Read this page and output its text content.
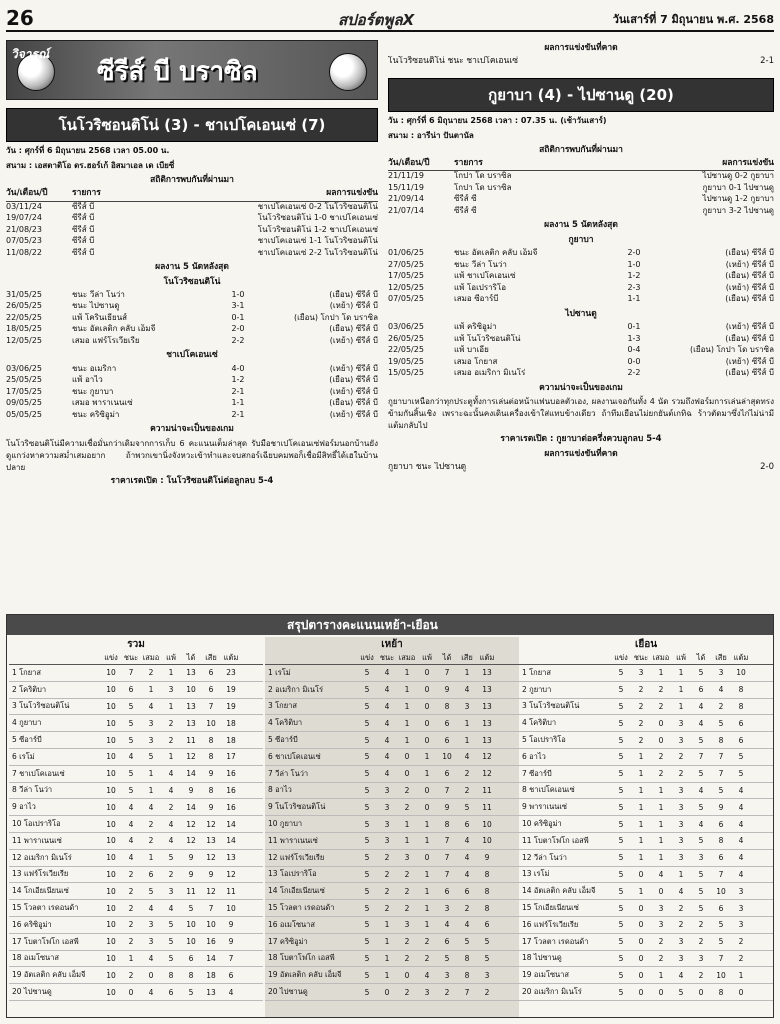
26	สปอร์ตพูลX	วันเสาร์ที่ 7 มิถุนายน พ.ศ. 2568
วิจารณ์
ซีรีส์ บี บราซิล
โนโวริซอนติโน่ (3) - ชาเปโคเอนเซ่ (7)
วัน : ศุกร์ที่ 6 มิถุนายน 2568 เวลา 05.00 น.
สนาม : เอสตาดิโอ ดร.ฮอร์เก้ อิสมาเอล เด เบียซี่
สถิติการพบกันที่ผ่านมา
วัน/เดือน/ปี	รายการ	ผลการแข่งขัน
03/11/24	ซีรีส์ บี	ชาเปโคเอนเซ่ 0-2 โนโวริซอนติโน่
19/07/24	ซีรีส์ บี	โนโวริซอนติโน่ 1-0 ชาเปโคเอนเซ่
21/08/23	ซีรีส์ บี	โนโวริซอนติโน่ 1-2 ชาเปโคเอนเซ่
07/05/23	ซีรีส์ บี	ชาเปโคเอนเซ่ 1-1 โนโวริซอนติโน่
11/08/22	ซีรีส์ บี	ชาเปโคเอนเซ่ 2-2 โนโวริซอนติโน่
ผลงาน 5 นัดหลังสุด
โนโวริซอนติโน่
31/05/25	ชนะ วีล่า โนว่า	1-0	(เยือน) ซีรีส์ บี
26/05/25	ชนะ ไปซานดู	3-1	(เหย้า) ซีรีส์ บี
22/05/25	แพ้ โครินเธียนส์	0-1	(เยือน) โกปา โด บราซิล
18/05/25	ชนะ อัตเลติก คลับ เอ็มจี	2-0	(เยือน) ซีรีส์ บี
12/05/25	เสมอ แฟร์โรเวียเรีย	2-2	(เหย้า) ซีรีส์ บี
ชาเปโคเอนเซ่
03/06/25	ชนะ อเมริกา	4-0	(เหย้า) ซีรีส์ บี
25/05/25	แพ้ อาไว	1-2	(เยือน) ซีรีส์ บี
17/05/25	ชนะ กูยาบา	2-1	(เหย้า) ซีรีส์ บี
09/05/25	เสมอ พาราเนนเซ่	1-1	(เยือน) ซีรีส์ บี
05/05/25	ชนะ คริซิอูม่า	2-1	(เหย้า) ซีรีส์ บี
ความน่าจะเป็นของเกม
โนโวริซอนติโน่มีความเชื่อมั่นกว่าเดิมจากการเก็บ 6 คะแนนเต็มล่าสุด รับมือชาเปโคเอนเซ่ฟอร์มนอกบ้านยังดูแกว่งหาความสม่ำเสมอยาก ถ้าพวกเขานิ่งจังหวะเข้าทำและจบสกอร์เฉียบคมพอก็เชื่อมีสิทธิ์ได้เฮในบ้านปลาย
ราคาเรตเปิด : โนโวริซอนติโน่ต่อลูกลบ 5-4
ผลการแข่งขันที่คาด
โนโวริซอนติโน่ ชนะ ชาเปโคเอนเซ่	2-1
กูยาบา (4) - ไปซานดู (20)
วัน : ศุกร์ที่ 6 มิถุนายน 2568 เวลา : 07.35 น. (เช้าวันเสาร์)
สนาม : อารีน่า ปันตานัล
สถิติการพบกันที่ผ่านมา
วัน/เดือน/ปี	รายการ	ผลการแข่งขัน
21/11/19	โกปา โด บราซิล	ไปซานดู 0-2 กูยาบา
15/11/19	โกปา โด บราซิล	กูยาบา 0-1 ไปซานดู
21/09/14	ซีรีส์ ซี	ไปซานดู 1-2 กูยาบา
21/07/14	ซีรีส์ ซี	กูยาบา 3-2 ไปซานดู
ผลงาน 5 นัดหลังสุด
กูยาบา
01/06/25	ชนะ อัตเลติก คลับ เอ็มจี	2-0	(เยือน) ซีรีส์ บี
27/05/25	ชนะ วีล่า โนว่า	1-0	(เหย้า) ซีรีส์ บี
17/05/25	แพ้ ชาเปโคเอนเซ่	1-2	(เยือน) ซีรีส์ บี
12/05/25	แพ้ โอเปราริโอ	2-3	(เหย้า) ซีรีส์ บี
07/05/25	เสมอ ซีอาร์บี	1-1	(เยือน) ซีรีส์ บี
ไปซานดู
03/06/25	แพ้ คริซิอูม่า	0-1	(เหย้า) ซีรีส์ บี
26/05/25	แพ้ โนโวริซอนติโน่	1-3	(เยือน) ซีรีส์ บี
22/05/25	แพ้ บาเอีย	0-4	(เยือน) โกปา โด บราซิล
19/05/25	เสมอ โกยาส	0-0	(เหย้า) ซีรีส์ บี
15/05/25	เสมอ อเมริกา มิเนโร่	2-2	(เยือน) ซีรีส์ บี
ความน่าจะเป็นของเกม
กูยาบาเหนือกว่าทุกประตูทั้งการเล่นต่อหน้าแฟนบอลตัวเอง, ผลงานเจอกันทั้ง 4 นัด รวมถึงฟอร์มการเล่นล่าสุดทรงข้ามกันสิ้นเชิง เพราะฉะนั้นคงเดินเครื่องเข้าใส่แทบข้างเดียว ถ้าทีมเยือนไม่ยกยันต์เกทิฉ ร้าวตัดมาซึ่งไก่ไม่น่ามีแต้มกลับไป
ราคาเรตเปิด : กูยาบาต่อครึ่งควบลูกลบ 5-4
ผลการแข่งขันที่คาด
กูยาบา ชนะ ไปซานดู	2-0
สรุปตารางคะแนนเหย้า-เยือน
รวม
แข่ง ชนะ เสมอ แพ้	ได้	เสีย แต้ม
1 โกยาส	10	7	2	1	13	6	23
2 โคริติบา	10	6	1	3	10	6	19
3 โนโวริซอนติโน่	10	5	4	1	13	7	19
4 กูยาบา	10	5	3	2	13	10	18
5 ซีอาร์บี	10	5	3	2	11	8	18
6 เรโม่	10	4	5	1	12	8	17
7 ชาเปโคเอนเซ่	10	5	1	4	14	9	16
8 วีล่า โนว่า	10	5	1	4	9	8	16
9 อาไว	10	4	4	2	14	9	16
10 โอเปราริโอ	10	4	2	4	12	12	14
11 พาราเนนเซ่	10	4	2	4	12	13	14
12 อเมริกา มิเนโร่	10	4	1	5	9	12	13
13 แฟร์โรเวียเรีย	10	2	6	2	9	9	12
14 โกเอียเนียนเซ่	10	2	5	3	11	12	11
15 โวลตา เรดอนด้า	10	2	4	4	5	7	10
16 คริซิอูม่า	10	2	3	5	10	10	9
17 โบตาโฟโก เอสพี	10	2	3	5	10	16	9
18 อเมโซนาส	10	1	4	5	6	14	7
19 อัตเลติก คลับ เอ็มจี	10	2	0	8	8	18	6
20 ไปซานดู	10	0	4	6	5	13	4
เหย้า
แข่ง ชนะ เสมอ แพ้	ได้	เสีย แต้ม
1 เรโม่	5	4	1	0	7	1	13
2 อเมริกา มิเนโร่	5	4	1	0	9	4	13
3 โกยาส	5	4	1	0	8	3	13
4 โคริติบา	5	4	1	0	6	1	13
5 ซีอาร์บี	5	4	1	0	6	1	13
6 ชาเปโคเอนเซ่	5	4	0	1	10	4	12
7 วีล่า โนว่า	5	4	0	1	6	2	12
8 อาไว	5	3	2	0	7	2	11
9 โนโวริซอนติโน่	5	3	2	0	9	5	11
10 กูยาบา	5	3	1	1	8	6	10
11 พาราเนนเซ่	5	3	1	1	7	4	10
12 แฟร์โรเวียเรีย	5	2	3	0	7	4	9
13 โอเปราริโอ	5	2	2	1	7	4	8
14 โกเอียเนียนเซ่	5	2	2	1	6	6	8
15 โวลตา เรดอนด้า	5	2	2	1	3	2	8
16 อเมโซนาส	5	1	3	1	4	4	6
17 คริซิอูม่า	5	1	2	2	6	5	5
18 โบตาโฟโก เอสพี	5	1	2	2	5	8	5
19 อัตเลติก คลับ เอ็มจี	5	1	0	4	3	8	3
20 ไปซานดู	5	0	2	3	2	7	2
เยือน
แข่ง ชนะ เสมอ แพ้	ได้	เสีย แต้ม
1 โกยาส	5	3	1	1	5	3	10
2 กูยาบา	5	2	2	1	6	4	8
3 โนโวริซอนติโน่	5	2	2	1	4	2	8
4 โคริติบา	5	2	0	3	4	5	6
5 โอเปราริโอ	5	2	0	3	5	8	6
6 อาไว	5	1	2	2	7	7	5
7 ซีอาร์บี	5	1	2	2	5	7	5
8 ชาเปโคเอนเซ่	5	1	1	3	4	5	4
9 พาราเนนเซ่	5	1	1	3	5	9	4
10 คริซิอูม่า	5	1	1	3	4	6	4
11 โบตาโฟโก เอสพี	5	1	1	3	5	8	4
12 วีล่า โนว่า	5	1	1	3	3	6	4
13 เรโม่	5	0	4	1	5	7	4
14 อัตเลติก คลับ เอ็มจี	5	1	0	4	5	10	3
15 โกเอียเนียนเซ่	5	0	3	2	5	6	3
16 แฟร์โรเวียเรีย	5	0	3	2	2	5	3
17 โวลตา เรดอนด้า	5	0	2	3	2	5	2
18 ไปซานดู	5	0	2	3	3	7	2
19 อเมโซนาส	5	0	1	4	2	10	1
20 อเมริกา มิเนโร่	5	0	0	5	0	8	0
